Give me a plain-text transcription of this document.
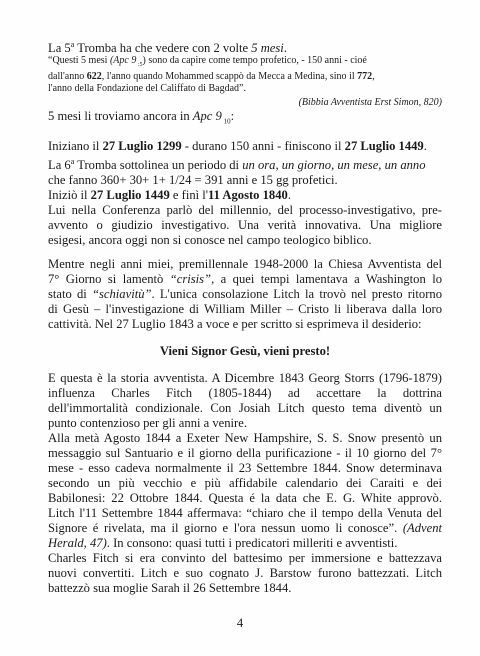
La 5$^a$ Tromba ha che vedere con 2 volte 5 mesi.

“Questi 5 mesi (Apc 9 $_{:5}$) sono da capire come tempo profetico, - 150 anni - cioé
dall'anno 622, l'anno quando Mohammed scappò da Mecca a Medina, sino il 772,
l'anno della Fondazione del Califfato di Bagdad”.
(Bibbia Avventista Erst Simon, 820)

5 mesi li troviamo ancora in Apc 9 $_{10}$:

Iniziano il 27 Luglio 1299 - durano 150 anni - finiscono il 27 Luglio 1449.
La 6$^a$ Tromba sottolinea un periodo di un ora, un giorno, un mese, un anno
che fanno 360+ 30+ 1+ 1/24 = 391 anni e 15 gg profetici.
Iniziò il 27 Luglio 1449 e finì l'11 Agosto 1840.
Lui nella Conferenza parlò del millennio, del processo-investigativo, pre-
avvento o giudizio investigativo. Una verità innovativa. Una migliore
esigesi, ancora oggi non si conosce nel campo teologico biblico.
Mentre negli anni miei, premillennale 1948-2000 la Chiesa Avventista del
7° Giorno si lamentò “crisis”, a quei tempi lamentava a Washington lo
stato di “schiavitù”. L'unica consolazione Litch la trovò nel presto ritorno
di Gesù – l'investigazione di William Miller – Cristo li liberava dalla loro
cattività. Nel 27 Luglio 1843 a voce e per scritto si esprimeva il desiderio:

Vieni Signor Gesù, vieni presto!

E questa è la storia avventista. A Dicembre 1843 Georg Storrs (1796-1879)
influenza Charles Fitch (1805-1844) ad accettare la dottrina
dell'immortalità condizionale. Con Josiah Litch questo tema diventò un
punto contenzioso per gli anni a venire.
Alla metà Agosto 1844 a Exeter New Hampshire, S. S. Snow presentò un
messaggio sul Santuario e il giorno della purificazione - il 10 giorno del 7°
mese - esso cadeva normalmente il 23 Settembre 1844. Snow determinava
secondo un più vecchio e più affidabile calendario dei Caraiti e dei
Babilonesi: 22 Ottobre 1844. Questa é la data che E. G. White approvò.
Litch l'11 Settembre 1844 affermava: “chiaro che il tempo della Venuta del
Signore é rivelata, ma il giorno e l'ora nessun uomo li conosce”. (Advent
Herald, 47). In consono: quasi tutti i predicatori milleriti e avventisti.
Charles Fitch si era convinto del battesimo per immersione e battezzava
nuovi convertiti. Litch e suo cognato J. Barstow furono battezzati. Litch
battezzò sua moglie Sarah il 26 Settembre 1844.
4
